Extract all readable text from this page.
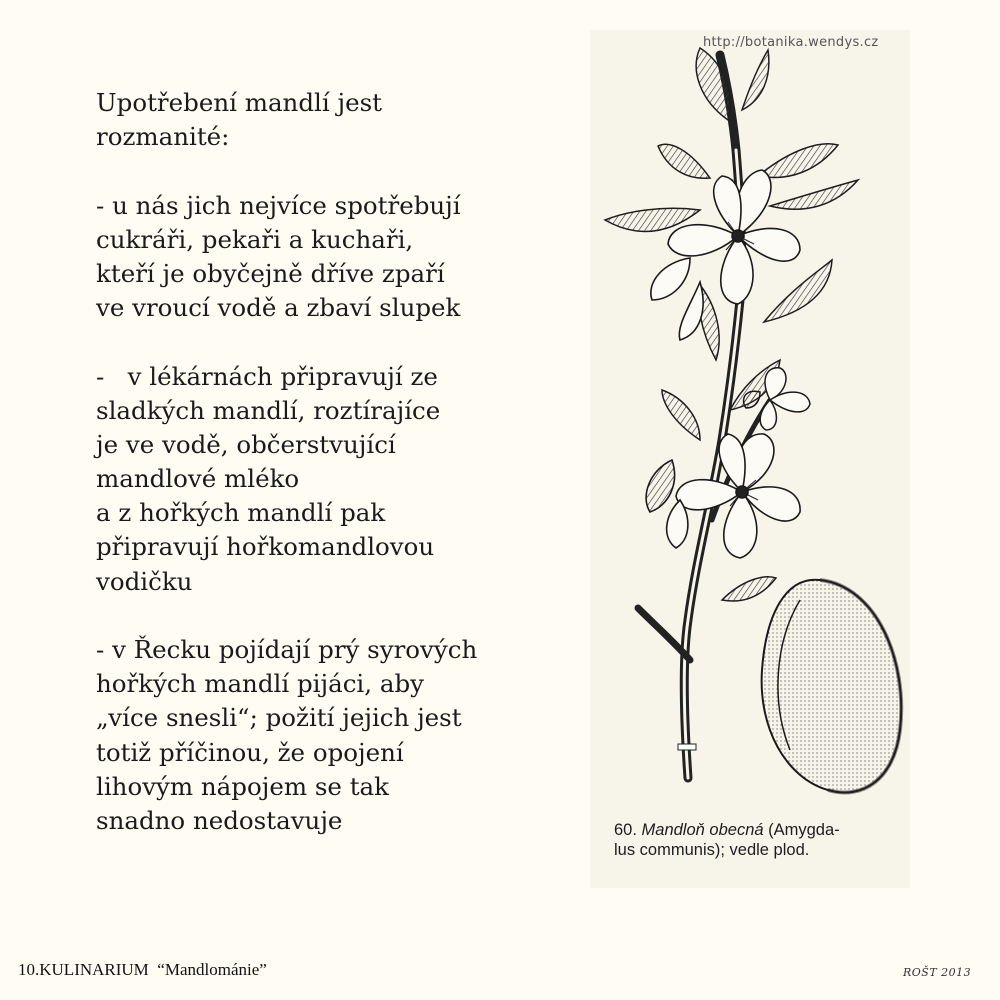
Upotřebení mandlí jest
rozmanité:
- u nás jich nejvíce spotřebují
cukráři, pekaři a kuchaři,
kteří je obyčejně dříve zpaří
ve vroucí vodě a zbaví slupek
-   v lékárnách připravují ze
sladkých mandlí, roztírajíce
je ve vodě, občerstvující
mandlové mléko
a z hořkých mandlí pak
připravují hořkomandlovou
vodičku
- v Řecku pojídají prý syrových
hořkých mandlí pijáci, aby
„více snesli“; požití jejich jest
totiž příčinou, že opojení
lihovým nápojem se tak
snadno nedostavuje
http://botanika.wendys.cz
60. Mandloň obecná (Amygda-
lus communis); vedle plod.
10.KULINARIUM  “Mandlománie”	ROŠT 2013
